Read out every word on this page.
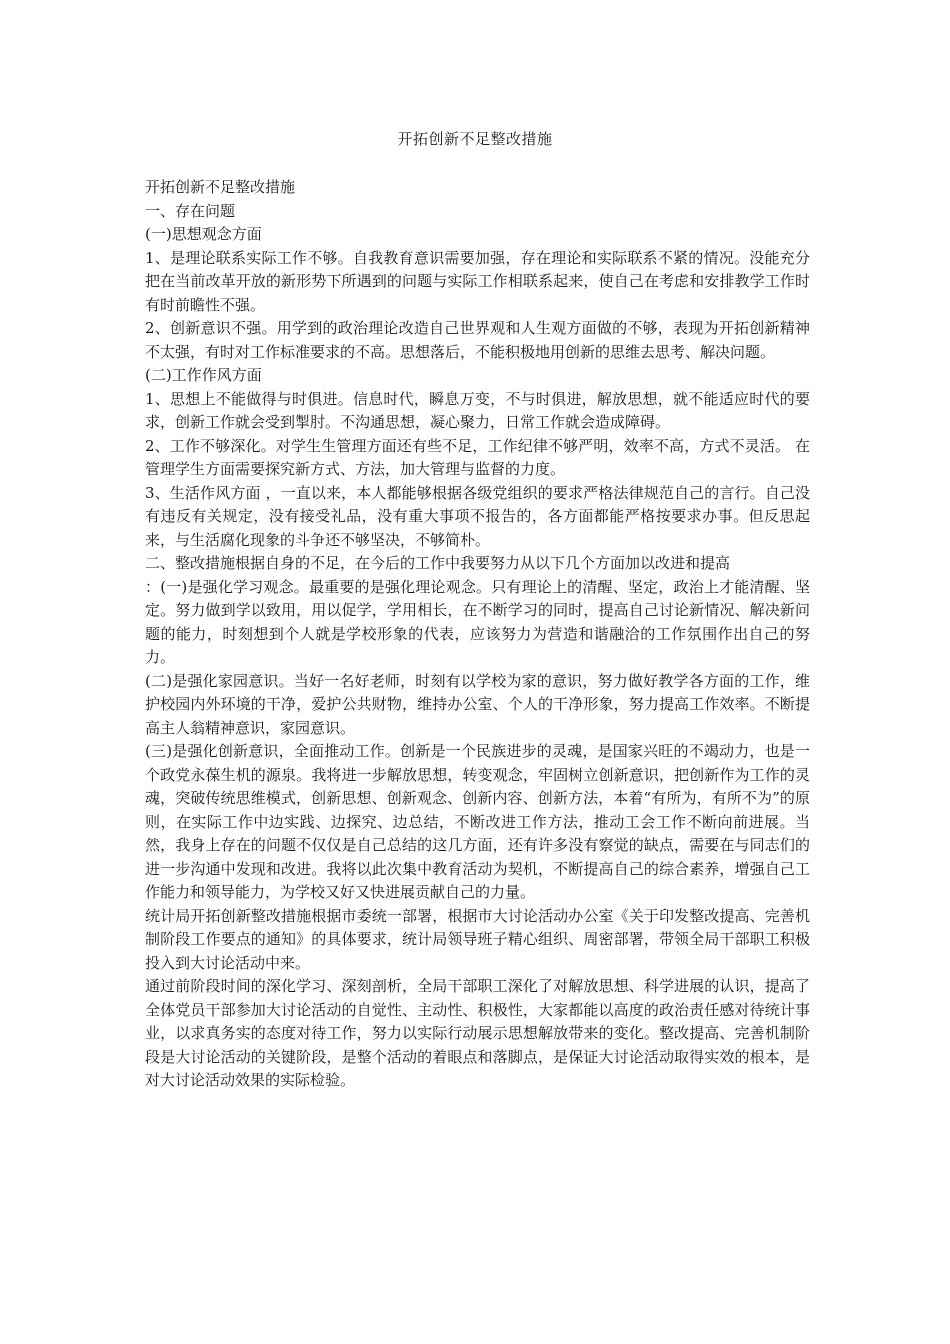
开拓创新不足整改措施

开拓创新不足整改措施

一、存在问题

(一)思想观念方面

1、是理论联系实际工作不够。自我教育意识需要加强，存在理论和实际联系不紧的情况。没能充分把在当前改革开放的新形势下所遇到的问题与实际工作相联系起来，使自己在考虑和安排教学工作时有时前瞻性不强。

2、创新意识不强。用学到的政治理论改造自己世界观和人生观方面做的不够，表现为开拓创新精神不太强，有时对工作标准要求的不高。思想落后，不能积极地用创新的思维去思考、解决问题。

(二)工作作风方面

1、思想上不能做得与时俱进。信息时代，瞬息万变，不与时俱进，解放思想，就不能适应时代的要求，创新工作就会受到掣肘。不沟通思想，凝心聚力，日常工作就会造成障碍。

2、工作不够深化。对学生生管理方面还有些不足，工作纪律不够严明，效率不高，方式不灵活。 在管理学生方面需要探究新方式、方法，加大管理与监督的力度。

3、生活作风方面 ，一直以来，本人都能够根据各级党组织的要求严格法律规范自己的言行。自己没有违反有关规定，没有接受礼品，没有重大事项不报告的，各方面都能严格按要求办事。但反思起来，与生活腐化现象的斗争还不够坚决，不够简朴。

二、整改措施根据自身的不足，在今后的工作中我要努力从以下几个方面加以改进和提高

：(一)是强化学习观念。最重要的是强化理论观念。只有理论上的清醒、坚定，政治上才能清醒、坚定。努力做到学以致用，用以促学，学用相长，在不断学习的同时，提高自己讨论新情况、解决新问题的能力，时刻想到个人就是学校形象的代表，应该努力为营造和谐融洽的工作氛围作出自己的努力。

(二)是强化家园意识。当好一名好老师，时刻有以学校为家的意识，努力做好教学各方面的工作，维护校园内外环境的干净，爱护公共财物，维持办公室、个人的干净形象，努力提高工作效率。不断提高主人翁精神意识，家园意识。

(三)是强化创新意识，全面推动工作。创新是一个民族进步的灵魂，是国家兴旺的不竭动力，也是一个政党永葆生机的源泉。我将进一步解放思想，转变观念，牢固树立创新意识，把创新作为工作的灵魂，突破传统思维模式，创新思想、创新观念、创新内容、创新方法，本着“有所为，有所不为”的原则，在实际工作中边实践、边探究、边总结，不断改进工作方法，推动工会工作不断向前进展。当然，我身上存在的问题不仅仅是自己总结的这几方面，还有许多没有察觉的缺点，需要在与同志们的进一步沟通中发现和改进。我将以此次集中教育活动为契机，不断提高自己的综合素养，增强自己工作能力和领导能力，为学校又好又快进展贡献自己的力量。

统计局开拓创新整改措施根据市委统一部署，根据市大讨论活动办公室《关于印发整改提高、完善机制阶段工作要点的通知》的具体要求，统计局领导班子精心组织、周密部署，带领全局干部职工积极投入到大讨论活动中来。

通过前阶段时间的深化学习、深刻剖析，全局干部职工深化了对解放思想、科学进展的认识，提高了全体党员干部参加大讨论活动的自觉性、主动性、积极性，大家都能以高度的政治责任感对待统计事业，以求真务实的态度对待工作，努力以实际行动展示思想解放带来的变化。整改提高、完善机制阶段是大讨论活动的关键阶段，是整个活动的着眼点和落脚点，是保证大讨论活动取得实效的根本，是对大讨论活动效果的实际检验。
